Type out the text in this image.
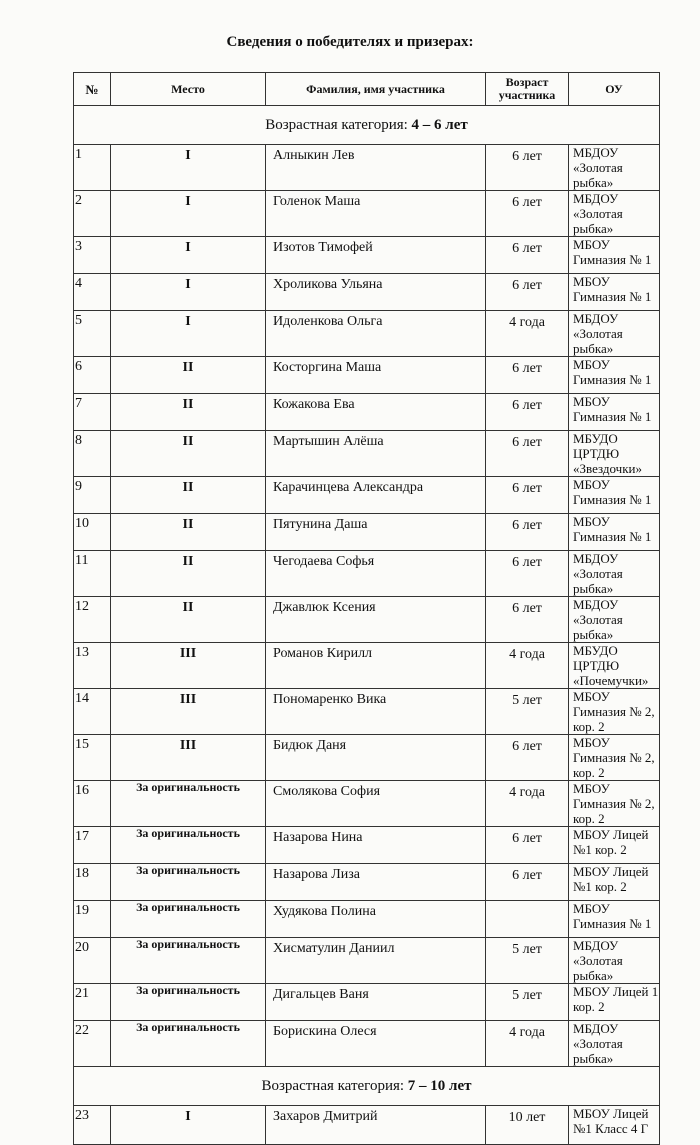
Сведения о победителях и призерах:
№	Место	Фамилия, имя участника	Возраст участника	ОУ
Возрастная категория: 4 – 6 лет				
1	I	Алныкин Лев	6 лет	МБДОУ «Золотая рыбка»
2	I	Голенок Маша	6 лет	МБДОУ «Золотая рыбка»
3	I	Изотов Тимофей	6 лет	МБОУ Гимназия № 1
4	I	Хроликова Ульяна	6 лет	МБОУ Гимназия № 1
5	I	Идоленкова Ольга	4 года	МБДОУ «Золотая рыбка»
6	II	Косторгина Маша	6 лет	МБОУ Гимназия № 1
7	II	Кожакова Ева	6 лет	МБОУ Гимназия № 1
8	II	Мартышин Алёша	6 лет	МБУДО ЦРТДЮ «Звездочки»
9	II	Карачинцева Александра	6 лет	МБОУ Гимназия № 1
10	II	Пятунина Даша	6 лет	МБОУ Гимназия № 1
11	II	Чегодаева Софья	6 лет	МБДОУ «Золотая рыбка»
12	II	Джавлюк Ксения	6 лет	МБДОУ «Золотая рыбка»
13	III	Романов Кирилл	4 года	МБУДО ЦРТДЮ «Почемучки»
14	III	Пономаренко Вика	5 лет	МБОУ Гимназия № 2, кор. 2
15	III	Бидюк Даня	6 лет	МБОУ Гимназия № 2, кор. 2
16	За оригинальность	Смолякова София	4 года	МБОУ Гимназия № 2, кор. 2
17	За оригинальность	Назарова Нина	6 лет	МБОУ Лицей №1 кор. 2
18	За оригинальность	Назарова Лиза	6 лет	МБОУ Лицей №1 кор. 2
19	За оригинальность	Худякова Полина		МБОУ Гимназия № 1
20	За оригинальность	Хисматулин Даниил	5 лет	МБДОУ «Золотая рыбка»
21	За оригинальность	Дигальцев Ваня	5 лет	МБОУ Лицей 1 кор. 2
22	За оригинальность	Борискина Олеся	4 года	МБДОУ «Золотая рыбка»
Возрастная категория: 7 – 10 лет				
23	I	Захаров Дмитрий	10 лет	МБОУ Лицей №1 Класс 4 Г
